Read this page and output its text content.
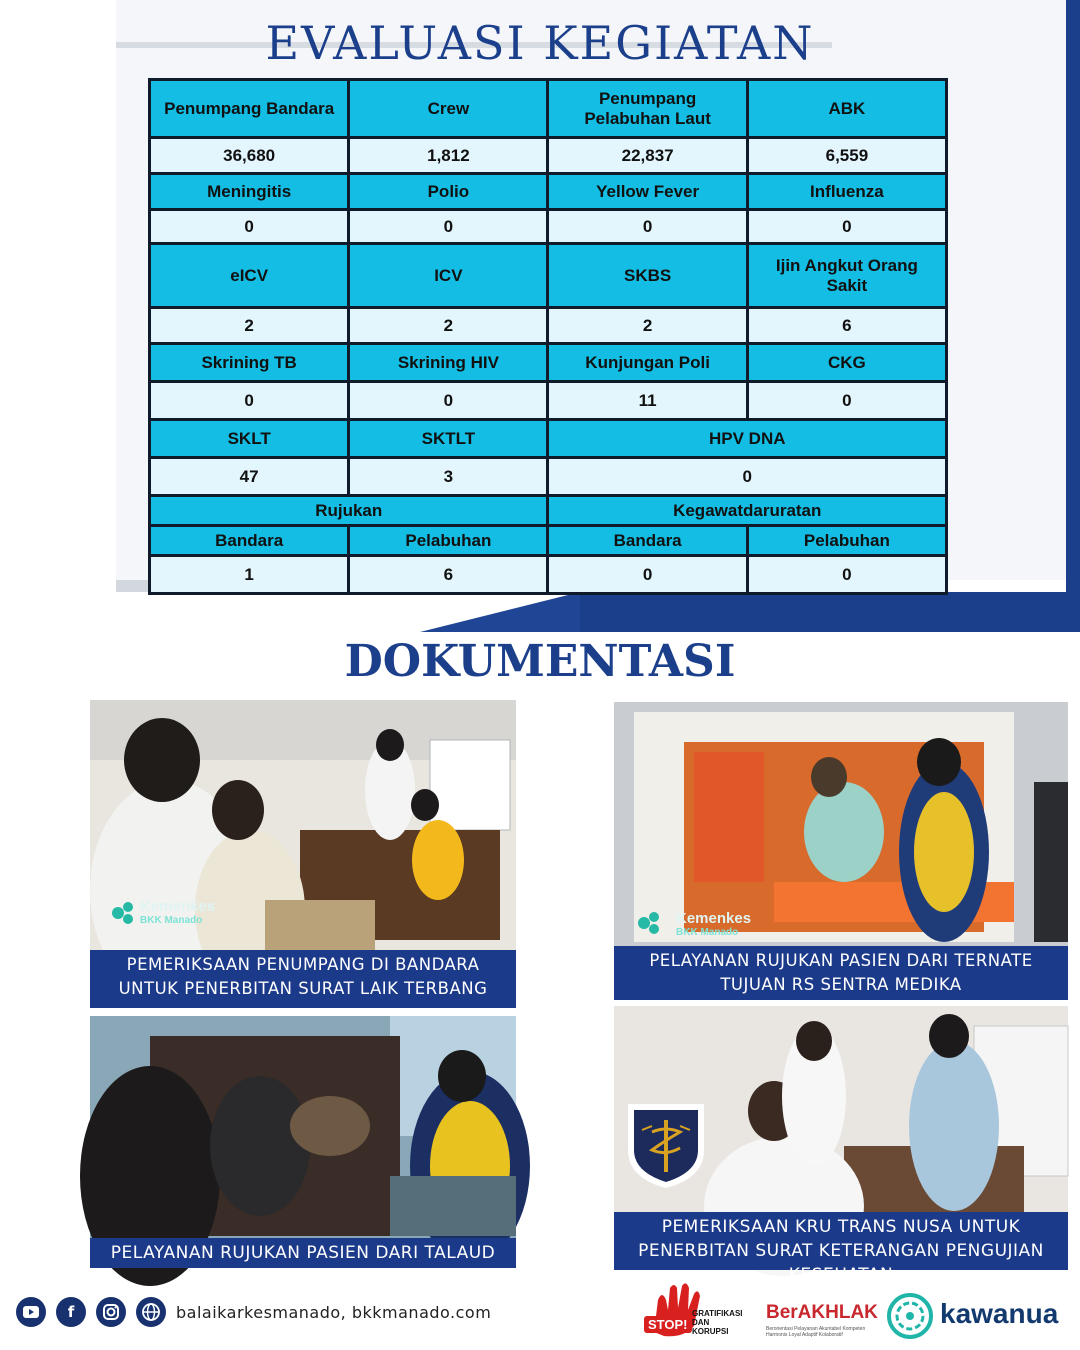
EVALUASI KEGIATAN
Penumpang Bandara	Crew	Penumpang Pelabuhan Laut	ABK
36,680	1,812	22,837	6,559
Meningitis	Polio	Yellow Fever	Influenza
0	0	0	0
eICV	ICV	SKBS	Ijin Angkut Orang Sakit
2	2	2	6
Skrining TB	Skrining HIV	Kunjungan Poli	CKG
0	0	11	0
SKLT	SKTLT	HPV DNA	
47	3	0	
Rujukan		Kegawatdaruratan	
Bandara	Pelabuhan	Bandara	Pelabuhan
1	6	0	0
DOKUMENTASI
Kemenkes
BKK Manado
PEMERIKSAAN PENUMPANG DI BANDARA
UNTUK PENERBITAN SURAT LAIK TERBANG
Kemenkes
BKK Manado
PELAYANAN RUJUKAN PASIEN DARI TERNATE
TUJUAN RS SENTRA MEDIKA
PELAYANAN RUJUKAN PASIEN DARI TALAUD
PEMERIKSAAN KRU TRANS NUSA UNTUK
PENERBITAN SURAT KETERANGAN PENGUJIAN
KESEHATAN
f	balaikarkesmanado, bkkmanado.com
STOP!
GRATIFIKASI
DAN
KORUPSI
BerAKHLAK
Berorientasi Pelayanan Akuntabel Kompeten Harmonis Loyal Adaptif Kolaboratif
kawanua
